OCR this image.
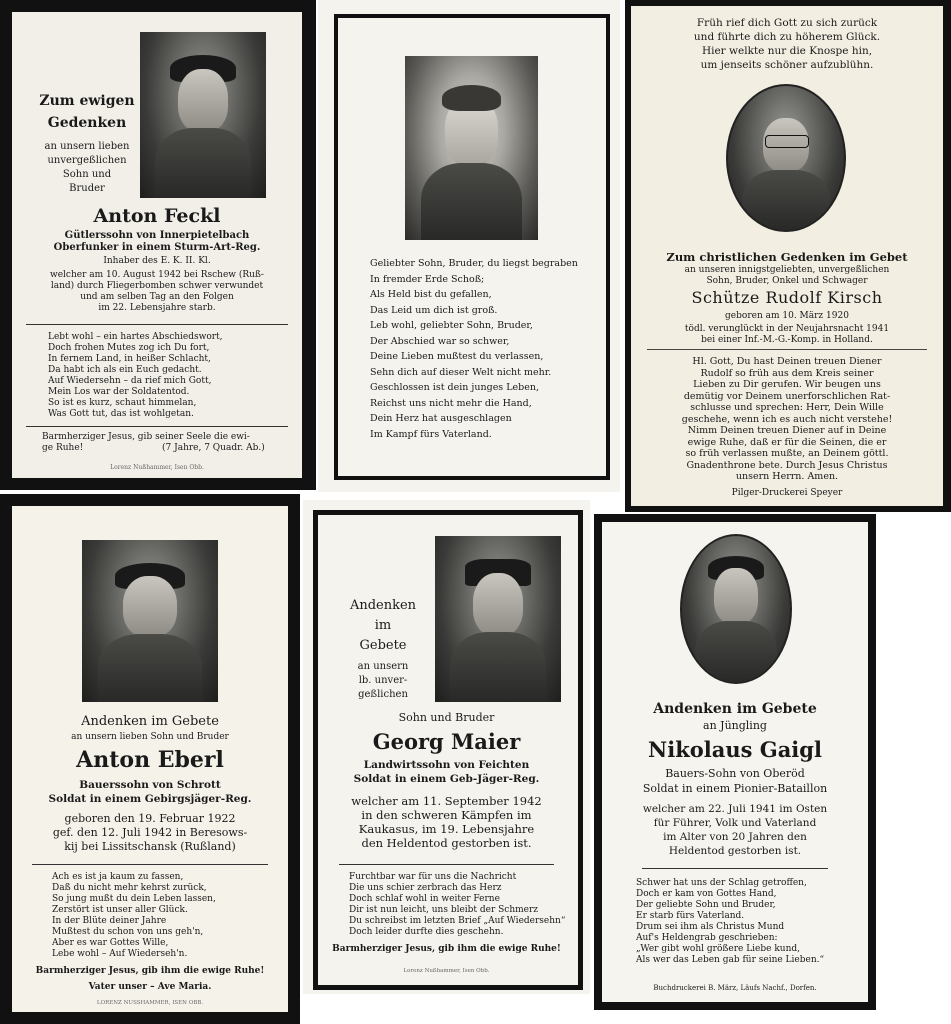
Zum ewigen
Gedenken
an unsern lieben
unvergeßlichen
Sohn und
Bruder
Anton Feckl
Gütlerssohn von Innerpietelbach
Oberfunker in einem Sturm-Art-Reg.
Inhaber des E. K. II. Kl.
welcher am 10. August 1942 bei Rschew (Ruß-
land) durch Fliegerbomben schwer verwundet
und am selben Tag an den Folgen
im 22. Lebensjahre starb.
Lebt wohl – ein hartes Abschiedswort,
Doch frohen Mutes zog ich Du fort,
In fernem Land, in heißer Schlacht,
Da habt ich als ein Euch gedacht.
Auf Wiedersehn – da rief mich Gott,
Mein Los war der Soldatentod.
So ist es kurz, schaut himmelan,
Was Gott tut, das ist wohlgetan.
Barmherziger Jesus, gib seiner Seele die ewi-
ge Ruhe!	(7 Jahre, 7 Quadr. Ab.)
Lorenz Nußhammer, Isen Obb.
Geliebter Sohn, Bruder, du liegst begraben
In fremder Erde Schoß;
Als Held bist du gefallen,
Das Leid um dich ist groß.
Leb wohl, geliebter Sohn, Bruder,
Der Abschied war so schwer,
Deine Lieben mußtest du verlassen,
Sehn dich auf dieser Welt nicht mehr.
Geschlossen ist dein junges Leben,
Reichst uns nicht mehr die Hand,
Dein Herz hat ausgeschlagen
Im Kampf fürs Vaterland.
Früh rief dich Gott zu sich zurück
und führte dich zu höherem Glück.
Hier welkte nur die Knospe hin,
um jenseits schöner aufzublühn.
Zum christlichen Gedenken im Gebet
an unseren innigstgeliebten, unvergeßlichen
Sohn, Bruder, Onkel und Schwager
Schütze Rudolf Kirsch
geboren am 10. März 1920
tödl. verunglückt in der Neujahrsnacht 1941
bei einer Inf.-M.-G.-Komp. in Holland.
Hl. Gott, Du hast Deinen treuen Diener
Rudolf so früh aus dem Kreis seiner
Lieben zu Dir gerufen. Wir beugen uns
demütig vor Deinem unerforschlichen Rat-
schlusse und sprechen: Herr, Dein Wille
geschehe, wenn ich es auch nicht verstehe!
Nimm Deinen treuen Diener auf in Deine
ewige Ruhe, daß er für die Seinen, die er
so früh verlassen mußte, an Deinem göttl.
Gnadenthrone bete. Durch Jesus Christus
unsern Herrn. Amen.
Pilger-Druckerei Speyer
Andenken im Gebete
an unsern lieben Sohn und Bruder
Anton Eberl
Bauerssohn von Schrott
Soldat in einem Gebirgsjäger-Reg.
geboren den 19. Februar 1922
gef. den 12. Juli 1942 in Beresows-
kij bei Lissitschansk (Rußland)
Ach es ist ja kaum zu fassen,
Daß du nicht mehr kehrst zurück,
So jung mußt du dein Leben lassen,
Zerstört ist unser aller Glück.
In der Blüte deiner Jahre
Mußtest du schon von uns geh'n,
Aber es war Gottes Wille,
Lebe wohl – Auf Wiederseh'n.
Barmherziger Jesus, gib ihm die ewige Ruhe!
Vater unser – Ave Maria.
LORENZ NUSSHAMMER, ISEN OBB.
Andenken
im
Gebete
an unsern
lb. unver-
geßlichen
Sohn und Bruder
Georg Maier
Landwirtssohn von Feichten
Soldat in einem Geb-Jäger-Reg.
welcher am 11. September 1942
in den schweren Kämpfen im
Kaukasus, im 19. Lebensjahre
den Heldentod gestorben ist.
Furchtbar war für uns die Nachricht
Die uns schier zerbrach das Herz
Doch schlaf wohl in weiter Ferne
Dir ist nun leicht, uns bleibt der Schmerz
Du schreibst im letzten Brief „Auf Wiedersehn“
Doch leider durfte dies geschehn.
Barmherziger Jesus, gib ihm die ewige Ruhe!
Lorenz Nußhammer, Isen Obb.
Andenken im Gebete
an Jüngling
Nikolaus Gaigl
Bauers-Sohn von Oberöd
Soldat in einem Pionier-Bataillon
welcher am 22. Juli 1941 im Osten
für Führer, Volk und Vaterland
im Alter von 20 Jahren den
Heldentod gestorben ist.
Schwer hat uns der Schlag getroffen,
Doch er kam von Gottes Hand,
Der geliebte Sohn und Bruder,
Er starb fürs Vaterland.
Drum sei ihm als Christus Mund
Auf's Heldengrab geschrieben:
„Wer gibt wohl größere Liebe kund,
Als wer das Leben gab für seine Lieben.“
Buchdruckerei B. März, Läufs Nachf., Dorfen.
